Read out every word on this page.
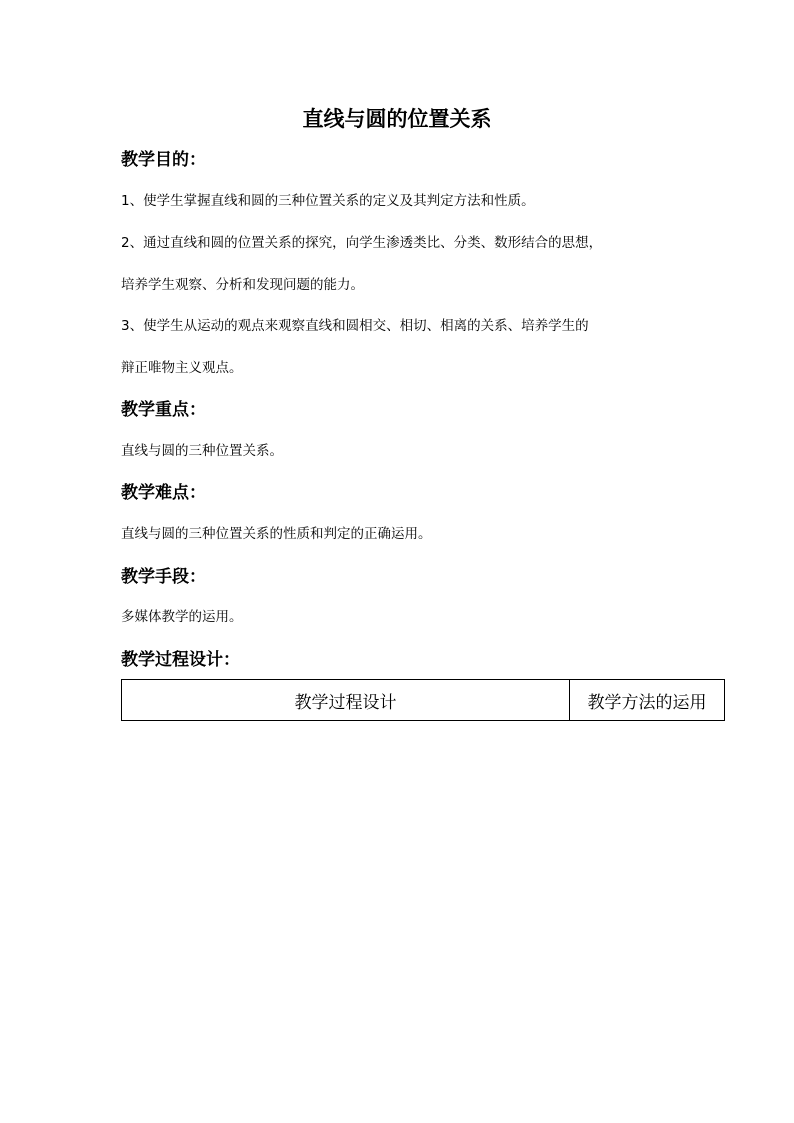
直线与圆的位置关系
教学目的：

1、使学生掌握直线和圆的三种位置关系的定义及其判定方法和性质。

2、通过直线和圆的位置关系的探究，向学生渗透类比、分类、数形结合的思想，

培养学生观察、分析和发现问题的能力。

3、使学生从运动的观点来观察直线和圆相交、相切、相离的关系、培养学生的

辩正唯物主义观点。

教学重点：

直线与圆的三种位置关系。

教学难点：

直线与圆的三种位置关系的性质和判定的正确运用。

教学手段：

多媒体教学的运用。

教学过程设计：
教学过程设计	教学方法的运用
